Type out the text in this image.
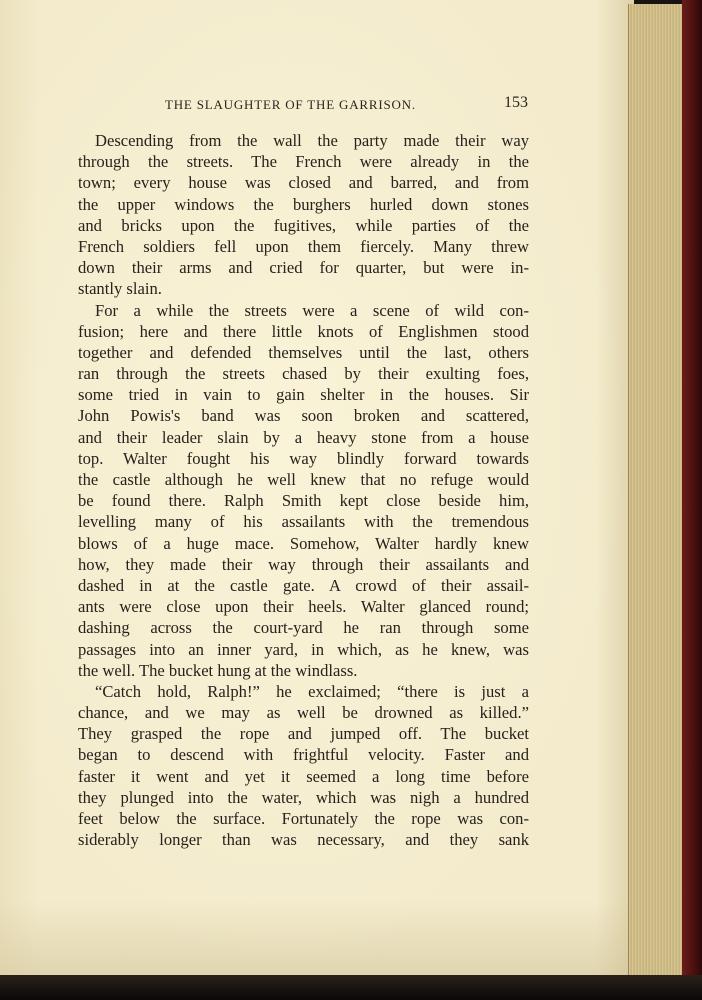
THE SLAUGHTER OF THE GARRISON.	153
Descending from the wall the party made their way
through the streets. The French were already in the
town; every house was closed and barred, and from
the upper windows the burghers hurled down stones
and bricks upon the fugitives, while parties of the
French soldiers fell upon them fiercely. Many threw
down their arms and cried for quarter, but were in-
stantly slain.
For a while the streets were a scene of wild con-
fusion; here and there little knots of Englishmen stood
together and defended themselves until the last, others
ran through the streets chased by their exulting foes,
some tried in vain to gain shelter in the houses. Sir
John Powis's band was soon broken and scattered,
and their leader slain by a heavy stone from a house
top. Walter fought his way blindly forward towards
the castle although he well knew that no refuge would
be found there. Ralph Smith kept close beside him,
levelling many of his assailants with the tremendous
blows of a huge mace. Somehow, Walter hardly knew
how, they made their way through their assailants and
dashed in at the castle gate. A crowd of their assail-
ants were close upon their heels. Walter glanced round;
dashing across the court-yard he ran through some
passages into an inner yard, in which, as he knew, was
the well. The bucket hung at the windlass.
“Catch hold, Ralph!” he exclaimed; “there is just a
chance, and we may as well be drowned as killed.”
They grasped the rope and jumped off. The bucket
began to descend with frightful velocity. Faster and
faster it went and yet it seemed a long time before
they plunged into the water, which was nigh a hundred
feet below the surface. Fortunately the rope was con-
siderably longer than was necessary, and they sank
